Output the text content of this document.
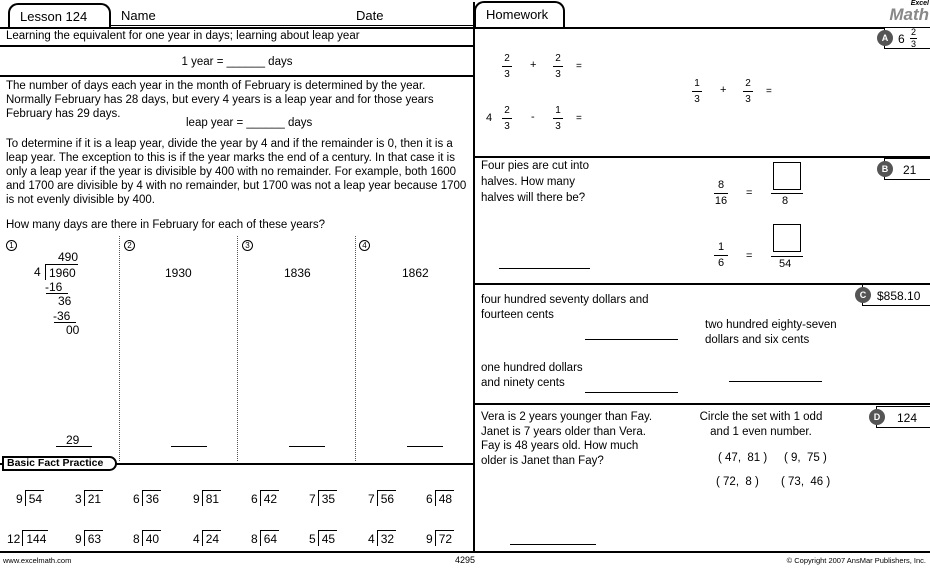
Lesson 124	Name	Date	Homework
Excel
Math
Learning the equivalent for one year in days; learning about leap year
1 year = ______ days
The number of days each year in the month of February is determined by the year. Normally February has 28 days, but every 4 years is a leap year and for those years February has 29 days.
leap year = ______ days
To determine if it is a leap year, divide the year by 4 and if the remainder is 0, then it is a leap year. The exception to this is if the year marks the end of a century. In that case it is only a leap year if the year is divisible by 400 with no remainder. For example, both 1600 and 1700 are divisible by 4 with no remainder, but 1700 was not a leap year because 1700 is not evenly divisible by 400.
How many days are there in February for each of these years?
1	2	3	4
490
4 1960
-16
36
-36
00
1930	1836	1862
29
Basic Fact Practice
9 54	3 21	6 36	9 81	6 42	7 35	7 56	6 48
12 144 9 63	8 40	4 24	8 64	5 45	4 32	9 72
A 6 2
3
2
3
+
2
3
=
4
2
3
-
1
3
=
1
3
+
2
3
=
B	21
Four pies are cut into halves. How many halves will there be?
8
16
=
8
1
6
=
54
C $858.10
four hundred seventy dollars and fourteen cents
two hundred eighty-seven dollars and six cents
one hundred dollars and ninety cents
D	124
Vera is 2 years younger than Fay. Janet is 7 years older than Vera. Fay is 48 years old. How much older is Janet than Fay?
Circle the set with 1 odd and 1 even number.
( 47,  81 ) ( 9,  75 )
( 72,  8 ) ( 73,  46 )
www.excelmath.com	4295	© Copyright 2007 AnsMar Publishers, Inc.
